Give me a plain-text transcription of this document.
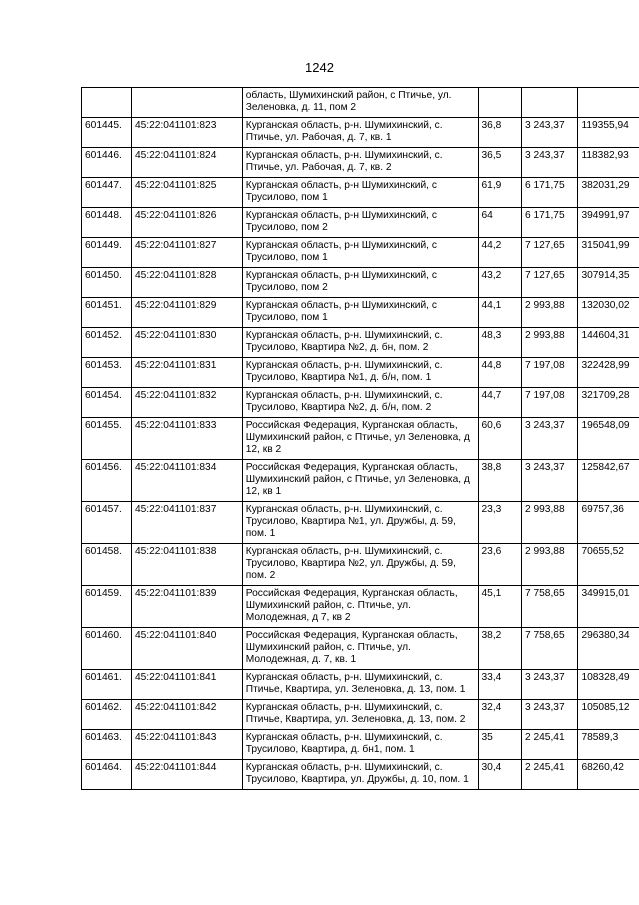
1242
		область, Шумихинский район, с Птичье, ул. Зеленовка, д. 11, пом 2			
601445.	45:22:041101:823	Курганская область, р-н. Шумихинский, с. Птичье, ул. Рабочая, д. 7, кв. 1	36,8	3 243,37	119355,94
601446.	45:22:041101:824	Курганская область, р-н. Шумихинский, с. Птичье, ул. Рабочая, д. 7, кв. 2	36,5	3 243,37	118382,93
601447.	45:22:041101:825	Курганская область, р-н Шумихинский, с Трусилово, пом 1	61,9	6 171,75	382031,29
601448.	45:22:041101:826	Курганская область, р-н Шумихинский, с Трусилово, пом 2	64	6 171,75	394991,97
601449.	45:22:041101:827	Курганская область, р-н Шумихинский, с Трусилово, пом 1	44,2	7 127,65	315041,99
601450.	45:22:041101:828	Курганская область, р-н Шумихинский, с Трусилово, пом 2	43,2	7 127,65	307914,35
601451.	45:22:041101:829	Курганская область, р-н Шумихинский, с Трусилово, пом 1	44,1	2 993,88	132030,02
601452.	45:22:041101:830	Курганская область, р-н. Шумихинский, с. Трусилово, Квартира №2, д. бн, пом. 2	48,3	2 993,88	144604,31
601453.	45:22:041101:831	Курганская область, р-н. Шумихинский, с. Трусилово, Квартира №1, д. б/н, пом. 1	44,8	7 197,08	322428,99
601454.	45:22:041101:832	Курганская область, р-н. Шумихинский, с. Трусилово, Квартира №2, д. б/н, пом. 2	44,7	7 197,08	321709,28
601455.	45:22:041101:833	Российская Федерация, Курганская область, Шумихинский район, с Птичье, ул Зеленовка, д 12, кв 2	60,6	3 243,37	196548,09
601456.	45:22:041101:834	Российская Федерация, Курганская область, Шумихинский район, с Птичье, ул Зеленовка, д 12, кв 1	38,8	3 243,37	125842,67
601457.	45:22:041101:837	Курганская область, р-н. Шумихинский, с. Трусилово, Квартира №1, ул. Дружбы, д. 59, пом. 1	23,3	2 993,88	69757,36
601458.	45:22:041101:838	Курганская область, р-н. Шумихинский, с. Трусилово, Квартира №2, ул. Дружбы, д. 59, пом. 2	23,6	2 993,88	70655,52
601459.	45:22:041101:839	Российская Федерация, Курганская область, Шумихинский район, с. Птичье, ул. Молодежная, д 7, кв 2	45,1	7 758,65	349915,01
601460.	45:22:041101:840	Российская Федерация, Курганская область, Шумихинский район, с. Птичье, ул. Молодежная, д. 7, кв. 1	38,2	7 758,65	296380,34
601461.	45:22:041101:841	Курганская область, р-н. Шумихинский, с. Птичье, Квартира, ул. Зеленовка, д. 13, пом. 1	33,4	3 243,37	108328,49
601462.	45:22:041101:842	Курганская область, р-н. Шумихинский, с. Птичье, Квартира, ул. Зеленовка, д. 13, пом. 2	32,4	3 243,37	105085,12
601463.	45:22:041101:843	Курганская область, р-н. Шумихинский, с. Трусилово, Квартира, д. бн1, пом. 1	35	2 245,41	78589,3
601464.	45:22:041101:844	Курганская область, р-н. Шумихинский, с. Трусилово, Квартира, ул. Дружбы, д. 10, пом. 1	30,4	2 245,41	68260,42
